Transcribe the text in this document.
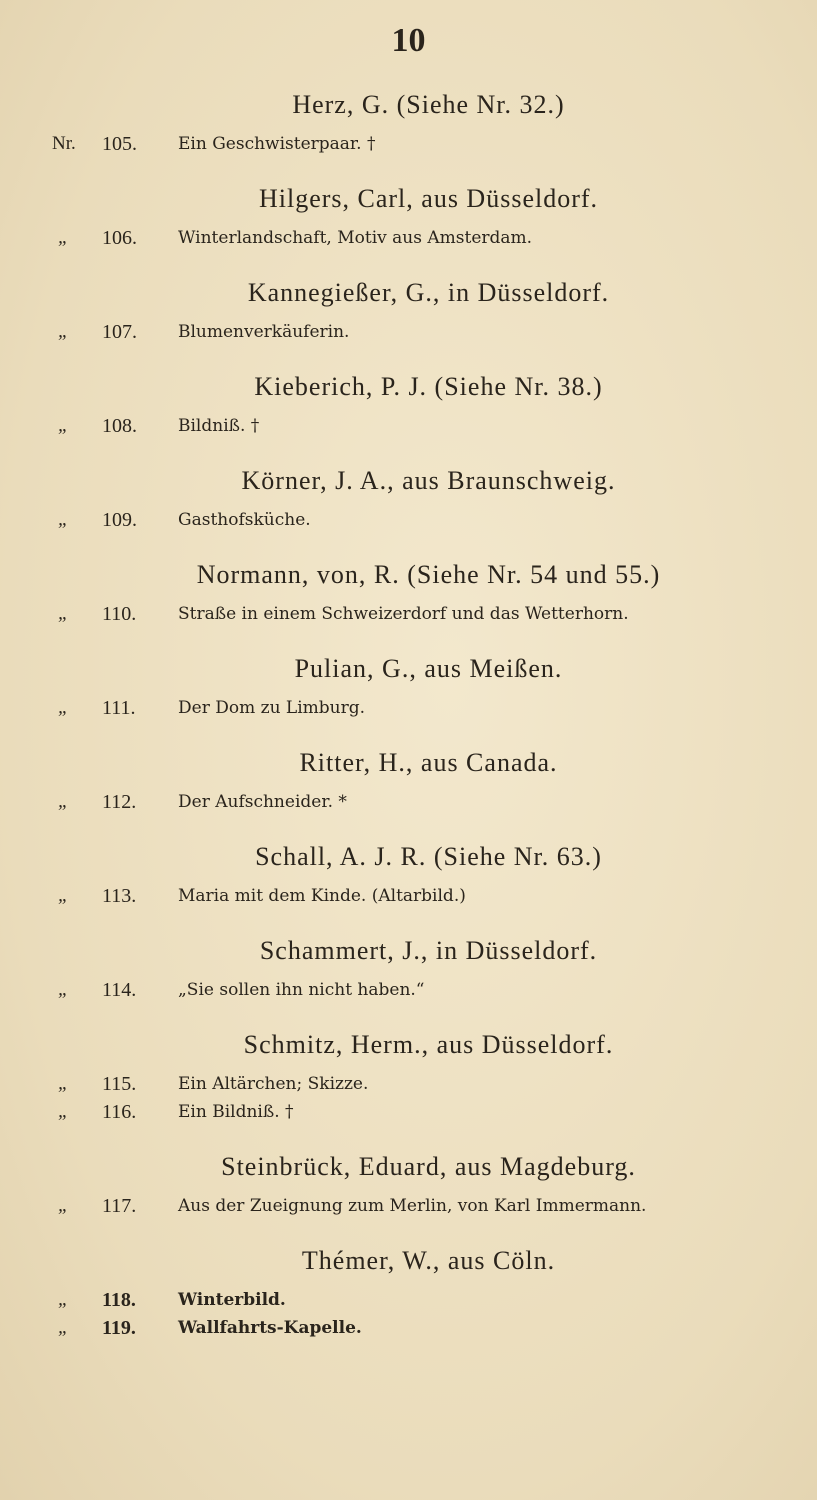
10
Herz, G. (Siehe Nr. 32.)
Nr.	105.	Ein Geschwisterpaar. †
Hilgers, Carl, aus Düsseldorf.
„	106.	Winterlandschaft, Motiv aus Amsterdam.
Kannegießer, G., in Düsseldorf.
„	107.	Blumenverkäuferin.
Kieberich, P. J. (Siehe Nr. 38.)
„	108.	Bildniß. †
Körner, J. A., aus Braunschweig.
„	109.	Gasthofsküche.
Normann, von, R. (Siehe Nr. 54 und 55.)
„	110.	Straße in einem Schweizerdorf und das Wetterhorn.
Pulian, G., aus Meißen.
„	111.	Der Dom zu Limburg.
Ritter, H., aus Canada.
„	112.	Der Aufschneider. *
Schall, A. J. R. (Siehe Nr. 63.)
„	113.	Maria mit dem Kinde. (Altarbild.)
Schammert, J., in Düsseldorf.
„	114.	„Sie sollen ihn nicht haben.“
Schmitz, Herm., aus Düsseldorf.
„	115.	Ein Altärchen; Skizze.
„	116.	Ein Bildniß. †
Steinbrück, Eduard, aus Magdeburg.
„	117.	Aus der Zueignung zum Merlin, von Karl Immermann.
Thémer, W., aus Cöln.
„	118.	Winterbild.
„	119.	Wallfahrts-Kapelle.
